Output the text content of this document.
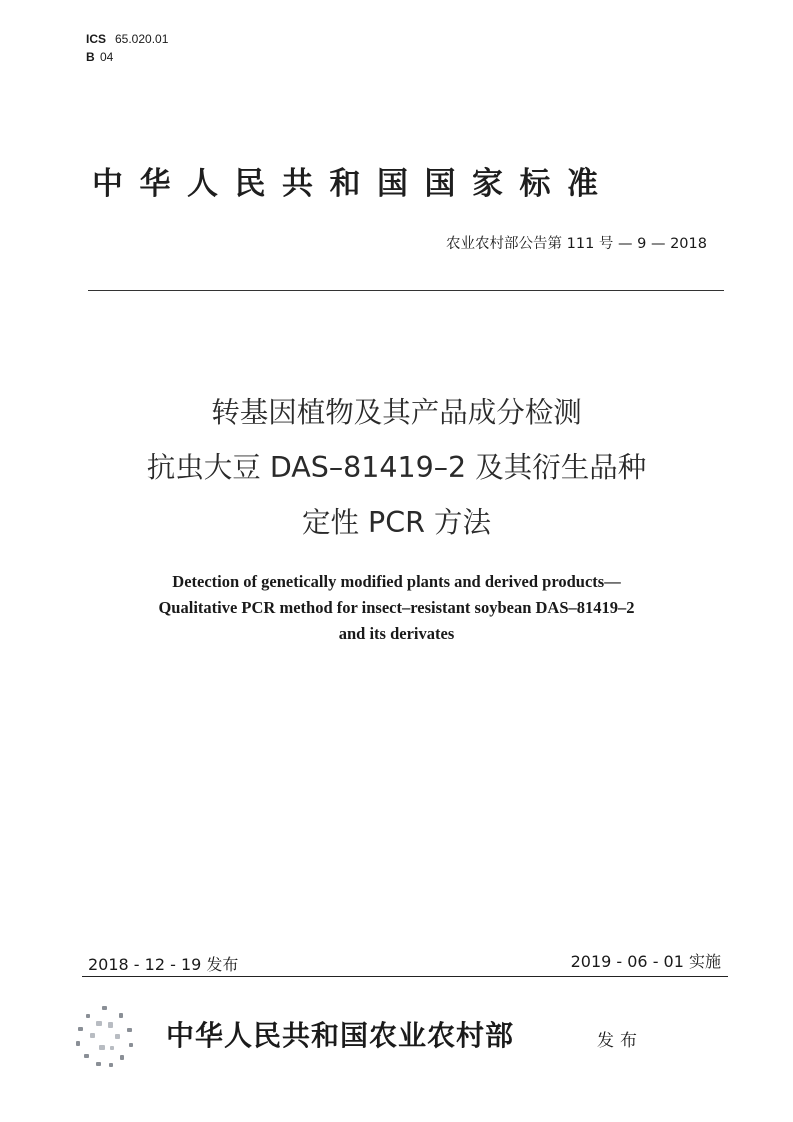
ICS 65.020.01
B 04
中华人民共和国国家标准
农业农村部公告第 111 号 — 9 — 2018
转基因植物及其产品成分检测
抗虫大豆 DAS–81419–2 及其衍生品种
定性 PCR 方法
Detection of genetically modified plants and derived products—
Qualitative PCR method for insect–resistant soybean DAS–81419–2
and its derivates
2018 - 12 - 19 发布	2019 - 06 - 01 实施
中华人民共和国农业农村部	发布
